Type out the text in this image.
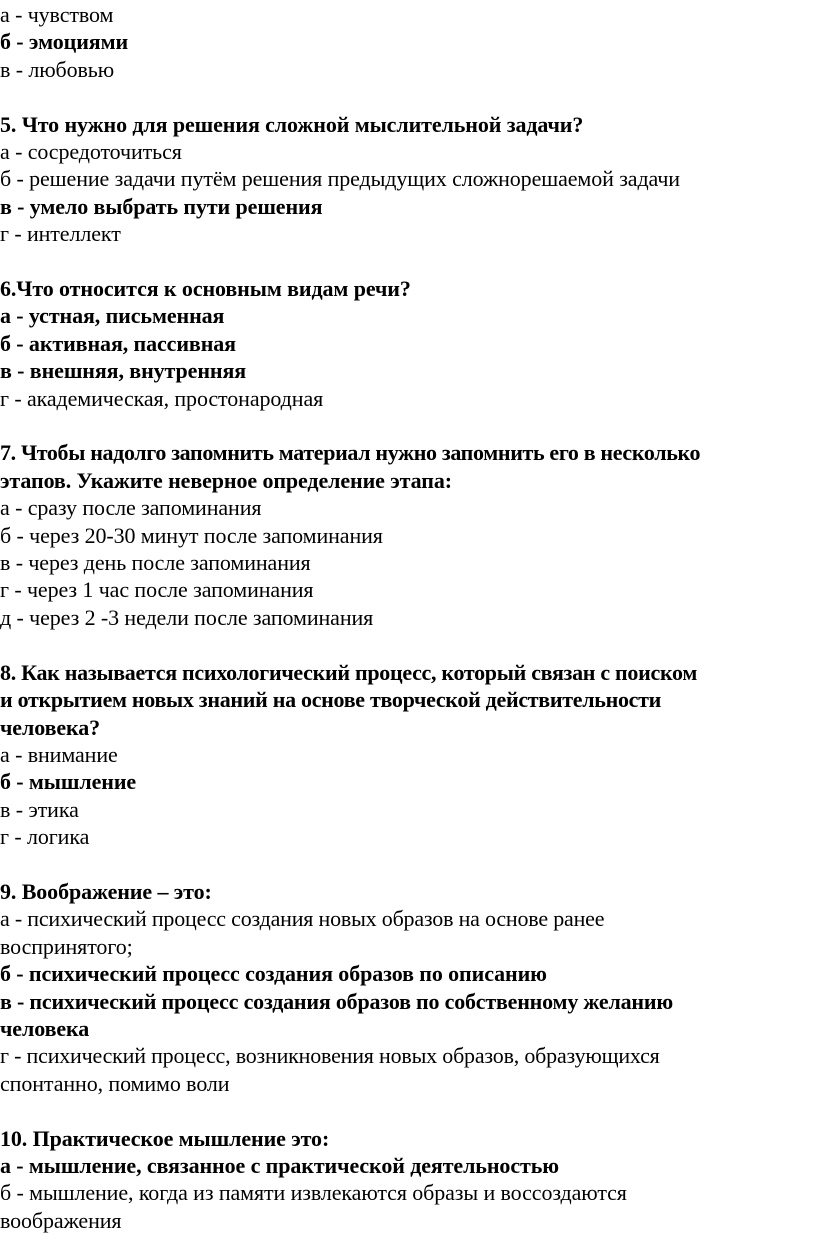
а - чувством

б - эмоциями

в - любовью

5. Что нужно для решения сложной мыслительной задачи?

а - сосредоточиться

б - решение задачи путём решения предыдущих сложнорешаемой задачи

в - умело выбрать пути решения

г - интеллект

6.Что относится к основным видам речи?

а - устная, письменная

б - активная, пассивная

в - внешняя, внутренняя

г - академическая, простонародная

7. Чтобы надолго запомнить материал нужно запомнить его в несколько

этапов. Укажите неверное определение этапа:

а - сразу после запоминания

б - через 20-30 минут после запоминания

в - через день после запоминания

г - через 1 час после запоминания

д - через 2 -3 недели после запоминания

8. Как называется психологический процесс, который связан с поиском

и открытием новых знаний на основе творческой действительности

человека?

а - внимание

б - мышление

в - этика

г - логика

9. Воображение – это:

а - психический процесс создания новых образов на основе ранее

воспринятого;

б - психический процесс создания образов по описанию

в - психический процесс создания образов по собственному желанию

человека

г - психический процесс, возникновения новых образов, образующихся

спонтанно, помимо воли

10. Практическое мышление это:

а - мышление, связанное с практической деятельностью

б - мышление, когда из памяти извлекаются образы и воссоздаются

воображения
